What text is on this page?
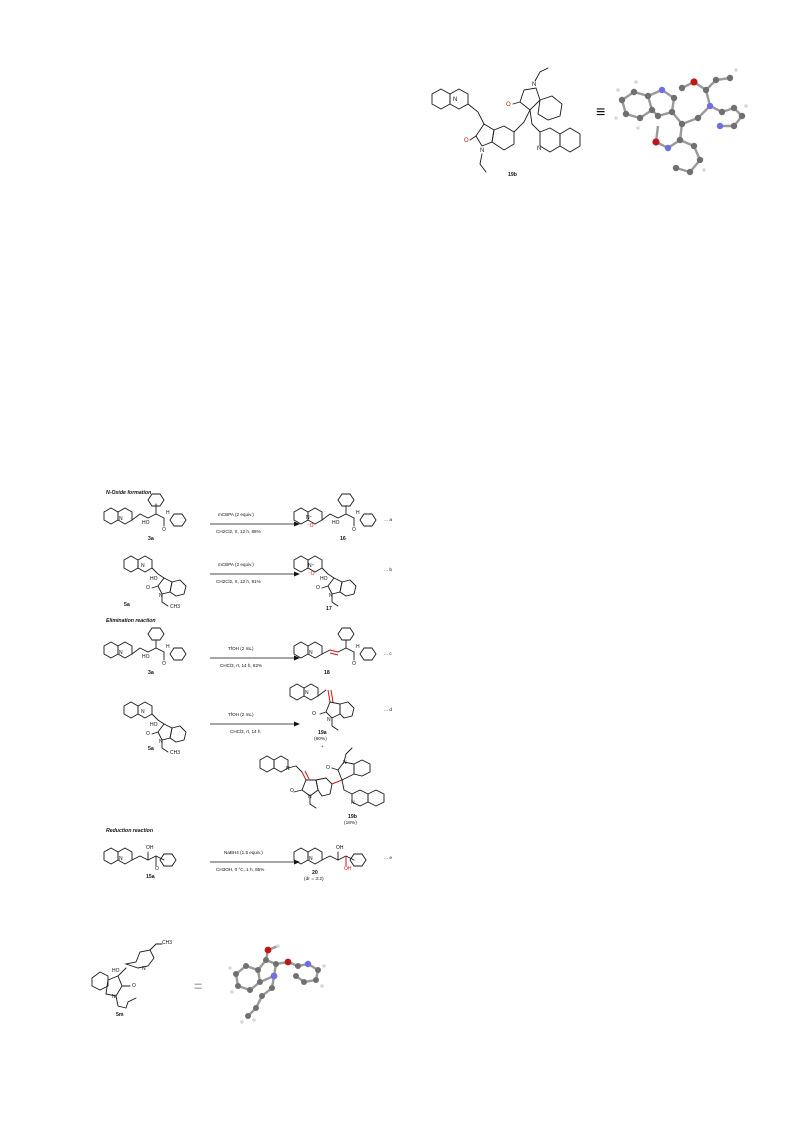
N
O
N
O
N
N
19b
≡
N-Oxide formation
N
HO
H
O
3a
mCBPA (2 equiv.)
CH2Cl2, rt, 12 h, 88%
N⁺
⁻O	HO
H
O
16
... a
N
HO
O
N
CH3
5a
mCBPA (2 equiv.)
CH2Cl2, rt, 12 h, 91%
N⁺
⁻O
HO
O
N
17
... b
Elimination reaction
N
HO
H
O
3a
TfOH (2 mL)
CHCl3, rt, 14 h, 82%
N
H
O
18
... c
N
HO
O
N
CH3
5a
TfOH (2 mL)
CHCl3, rt, 14 h
N
O
N
19a
(60%)
+
... d
N
O
N
O
N
N
19b
(18%)
Reduction reaction
N
OH
O
15a
NaBH4 (1.5 equiv.)
CH3OH, 0 °C, 1 h, 85%
N
OH
OH
20
(dr = 3:2)
... e
HO	N
CH3
O
N
5m
=
